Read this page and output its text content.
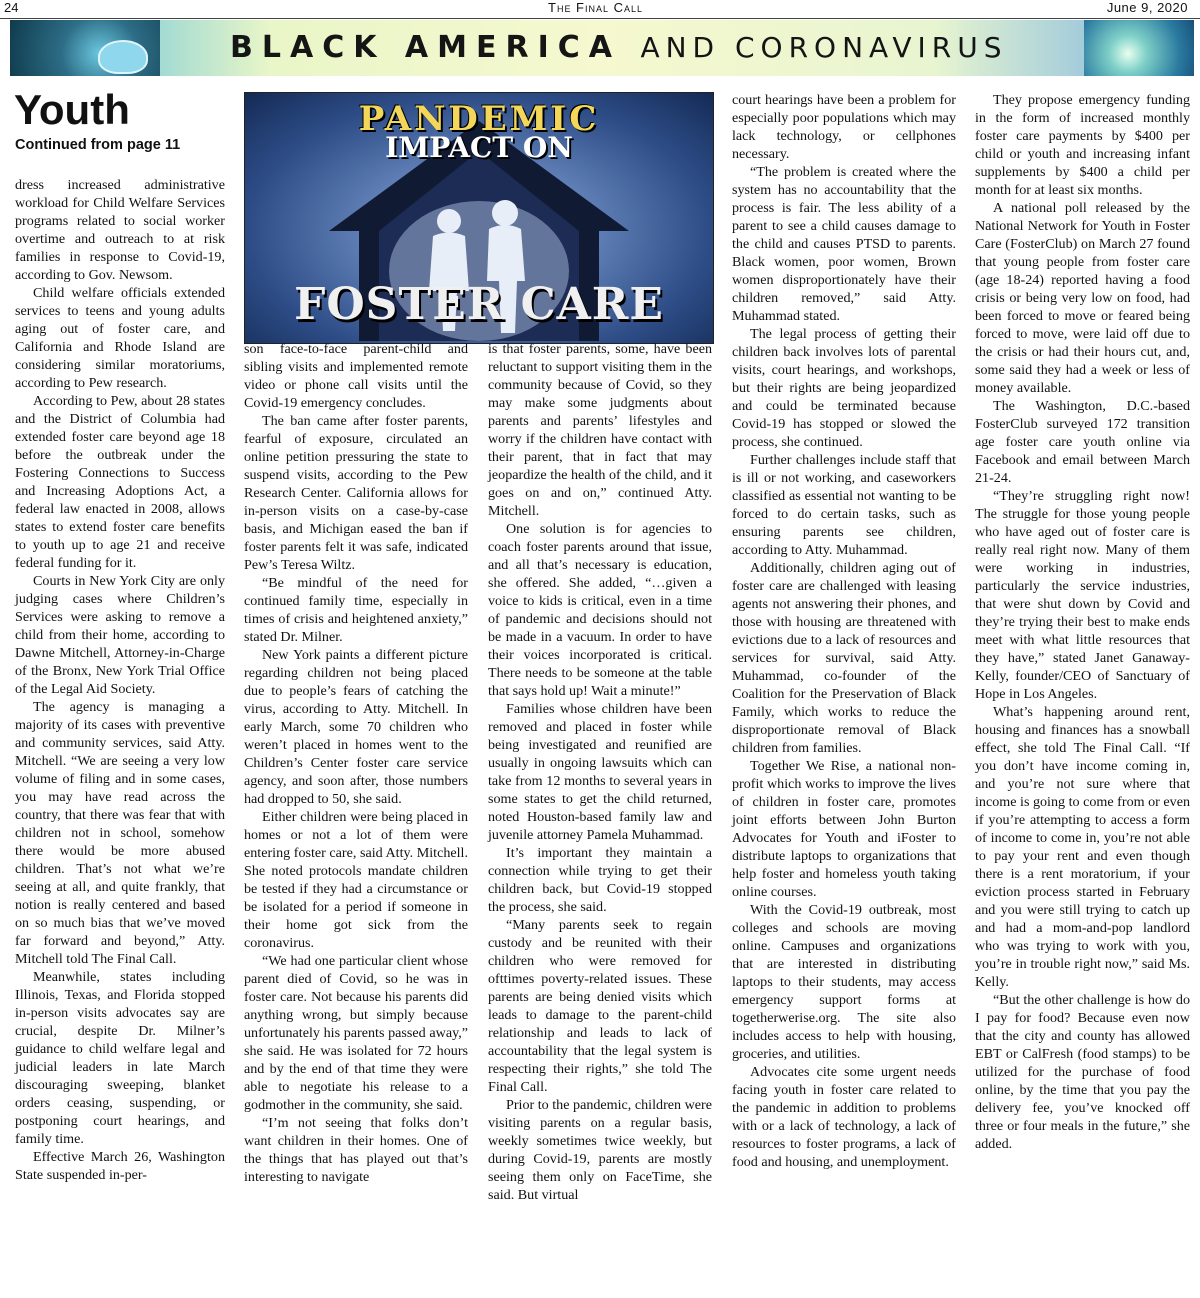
24	The Final Call	June 9, 2020
BLACK AMERICA AND CORONAVIRUS
Youth
Continued from page 11
PANDEMIC
IMPACT ON
FOSTER CARE

dress increased administrative workload for Child Welfare Services programs related to social worker overtime and outreach to at risk families in response to Covid-19, according to Gov. Newsom.

Child welfare officials extended services to teens and young adults aging out of foster care, and California and Rhode Island are considering similar moratoriums, according to Pew research.

According to Pew, about 28 states and the District of Columbia had extended foster care beyond age 18 before the outbreak under the Fostering Connections to Success and Increasing Adoptions Act, a federal law enacted in 2008, allows states to extend foster care benefits to youth up to age 21 and receive federal funding for it.

Courts in New York City are only judging cases where Children’s Services were asking to remove a child from their home, according to Dawne Mitchell, Attorney-in-Charge of the Bronx, New York Trial Office of the Legal Aid Society.

The agency is managing a majority of its cases with preventive and community services, said Atty. Mitchell. “We are seeing a very low volume of filing and in some cases, you may have read across the country, that there was fear that with children not in school, somehow there would be more abused children. That’s not what we’re seeing at all, and quite frankly, that notion is really centered and based on so much bias that we’ve moved far forward and beyond,” Atty. Mitchell told The Final Call.

Meanwhile, states including Illinois, Texas, and Florida stopped in-person visits advocates say are crucial, despite Dr. Milner’s guidance to child welfare legal and judicial leaders in late March discouraging sweeping, blanket orders ceasing, suspending, or postponing court hearings, and family time.

Effective March 26, Washington State suspended in-per-

son face-to-face parent-child and sibling visits and implemented remote video or phone call visits until the Covid-19 emergency concludes.

The ban came after foster parents, fearful of exposure, circulated an online petition pressuring the state to suspend visits, according to the Pew Research Center. California allows for in-person visits on a case-by-case basis, and Michigan eased the ban if foster parents felt it was safe, indicated Pew’s Teresa Wiltz.

“Be mindful of the need for continued family time, especially in times of crisis and heightened anxiety,” stated Dr. Milner.

New York paints a different picture regarding children not being placed due to people’s fears of catching the virus, according to Atty. Mitchell. In early March, some 70 children who weren’t placed in homes went to the Children’s Center foster care service agency, and soon after, those numbers had dropped to 50, she said.

Either children were being placed in homes or not a lot of them were entering foster care, said Atty. Mitchell. She noted protocols mandate children be tested if they had a circumstance or be isolated for a period if someone in their home got sick from the coronavirus.

“We had one particular client whose parent died of Covid, so he was in foster care. Not because his parents did anything wrong, but simply because unfortunately his parents passed away,” she said. He was isolated for 72 hours and by the end of that time they were able to negotiate his release to a godmother in the community, she said.

“I’m not seeing that folks don’t want children in their homes. One of the things that has played out that’s interesting to navigate

is that foster parents, some, have been reluctant to support visiting them in the community because of Covid, so they may make some judgments about parents and parents’ lifestyles and worry if the children have contact with their parent, that in fact that may jeopardize the health of the child, and it goes on and on,” continued Atty. Mitchell.

One solution is for agencies to coach foster parents around that issue, and all that’s necessary is education, she offered. She added, “…given a voice to kids is critical, even in a time of pandemic and decisions should not be made in a vacuum. In order to have their voices incorporated is critical. There needs to be someone at the table that says hold up! Wait a minute!”

Families whose children have been removed and placed in foster while being investigated and reunified are usually in ongoing lawsuits which can take from 12 months to several years in some states to get the child returned, noted Houston-based family law and juvenile attorney Pamela Muhammad.

It’s important they maintain a connection while trying to get their children back, but Covid-19 stopped the process, she said.

“Many parents seek to regain custody and be reunited with their children who were removed for ofttimes poverty-related issues. These parents are being denied visits which leads to damage to the parent-child relationship and leads to lack of accountability that the legal system is respecting their rights,” she told The Final Call.

Prior to the pandemic, children were visiting parents on a regular basis, weekly sometimes twice weekly, but during Covid-19, parents are mostly seeing them only on FaceTime, she said. But virtual

court hearings have been a problem for especially poor populations which may lack technology, or cellphones necessary.

“The problem is created where the system has no accountability that the process is fair. The less ability of a parent to see a child causes damage to the child and causes PTSD to parents. Black women, poor women, Brown women disproportionately have their children removed,” said Atty. Muhammad stated.

The legal process of getting their children back involves lots of parental visits, court hearings, and workshops, but their rights are being jeopardized and could be terminated because Covid-19 has stopped or slowed the process, she continued.

Further challenges include staff that is ill or not working, and caseworkers classified as essential not wanting to be forced to do certain tasks, such as ensuring parents see children, according to Atty. Muhammad.

Additionally, children aging out of foster care are challenged with leasing agents not answering their phones, and those with housing are threatened with evictions due to a lack of resources and services for survival, said Atty. Muhammad, co-founder of the Coalition for the Preservation of Black Family, which works to reduce the disproportionate removal of Black children from families.

Together We Rise, a national non-profit which works to improve the lives of children in foster care, promotes joint efforts between John Burton Advocates for Youth and iFoster to distribute laptops to organizations that help foster and homeless youth taking online courses.

With the Covid-19 outbreak, most colleges and schools are moving online. Campuses and organizations that are interested in distributing laptops to their students, may access emergency support forms at togetherwerise.org. The site also includes access to help with housing, groceries, and utilities.

Advocates cite some urgent needs facing youth in foster care related to the pandemic in addition to problems with or a lack of technology, a lack of resources to foster programs, a lack of food and housing, and unemployment.

They propose emergency funding in the form of increased monthly foster care payments by $400 per child or youth and increasing infant supplements by $400 a child per month for at least six months.

A national poll released by the National Network for Youth in Foster Care (FosterClub) on March 27 found that young people from foster care (age 18-24) reported having a food crisis or being very low on food, had been forced to move or feared being forced to move, were laid off due to the crisis or had their hours cut, and, some said they had a week or less of money available.

The Washington, D.C.-based FosterClub surveyed 172 transition age foster care youth online via Facebook and email between March 21-24.

“They’re struggling right now! The struggle for those young people who have aged out of foster care is really real right now. Many of them were working in industries, particularly the service industries, that were shut down by Covid and they’re trying their best to make ends meet with what little resources that they have,” stated Janet Ganaway-Kelly, founder/CEO of Sanctuary of Hope in Los Angeles.

What’s happening around rent, housing and finances has a snowball effect, she told The Final Call. “If you don’t have income coming in, and you’re not sure where that income is going to come from or even if you’re attempting to access a form of income to come in, you’re not able to pay your rent and even though there is a rent moratorium, if your eviction process started in February and you were still trying to catch up and had a mom-and-pop landlord who was trying to work with you, you’re in trouble right now,” said Ms. Kelly.

“But the other challenge is how do I pay for food? Because even now that the city and county has allowed EBT or CalFresh (food stamps) to be utilized for the purchase of food online, by the time that you pay the delivery fee, you’ve knocked off three or four meals in the future,” she added.
